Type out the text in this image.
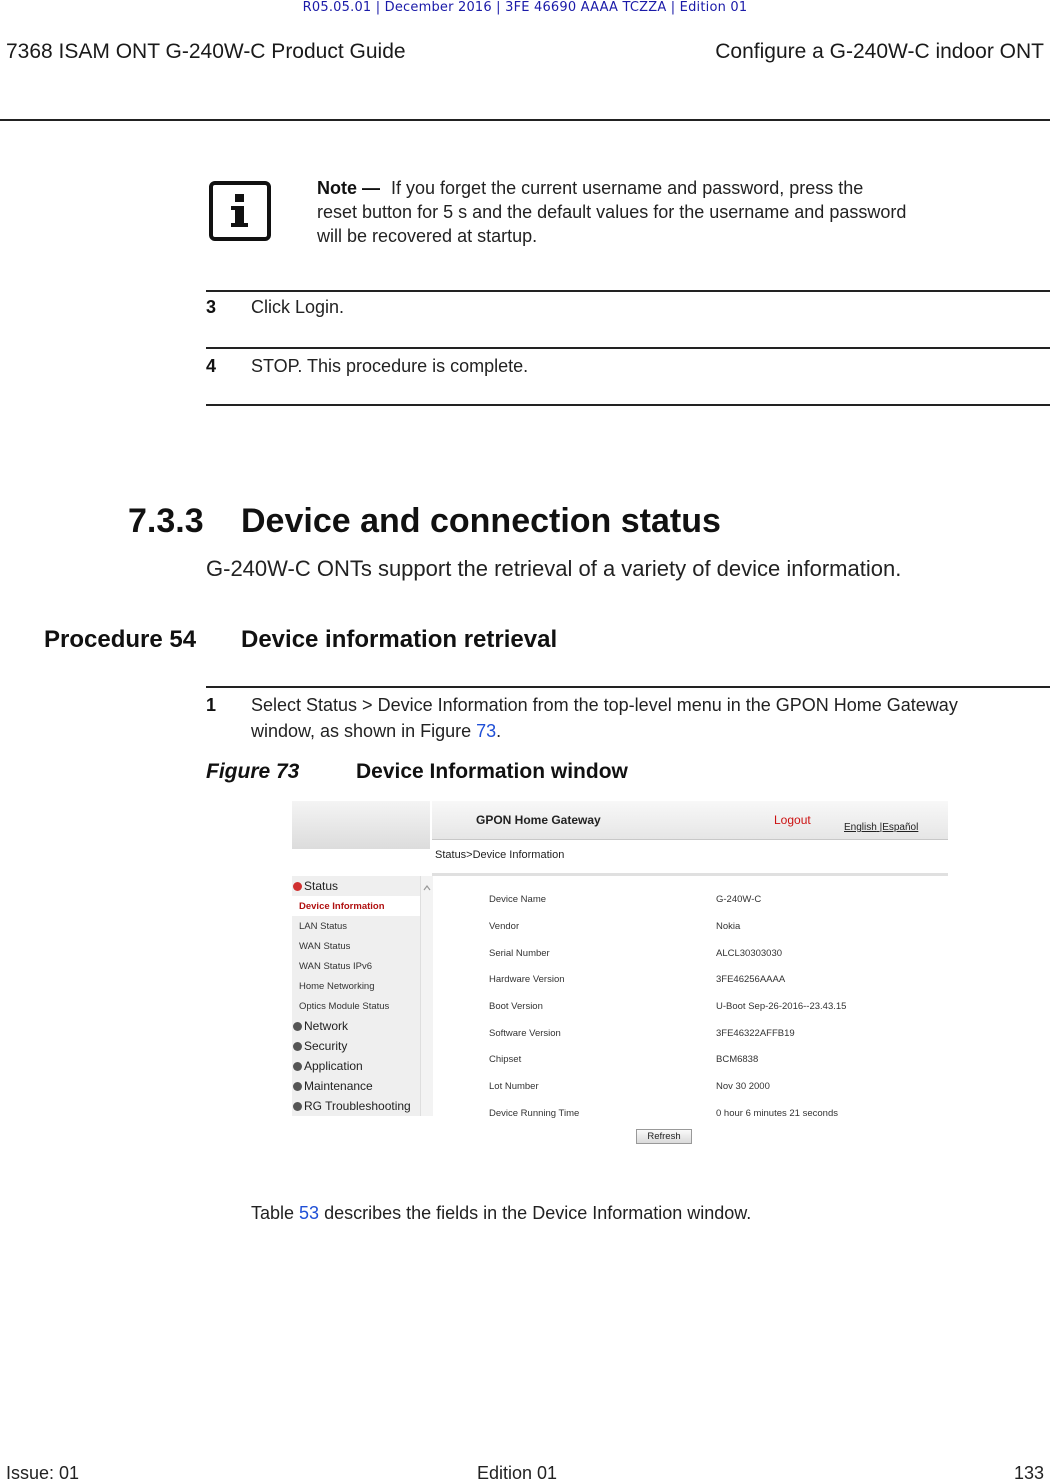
R05.05.01 | December 2016 | 3FE 46690 AAAA TCZZA | Edition 01
7368 ISAM ONT G-240W-C Product Guide	Configure a G-240W-C indoor ONT
Note — If you forget the current username and password, press the
reset button for 5 s and the default values for the username and password
will be recovered at startup.
3 Click Login.
4 STOP. This procedure is complete.
7.3.3 Device and connection status
G-240W-C ONTs support the retrieval of a variety of device information.
Procedure 54 Device information retrieval
1 Select Status > Device Information from the top-level menu in the GPON Home Gateway
window, as shown in Figure 73.
Figure 73	Device Information window
GPON Home Gateway	Logout
English |Español
Status>Device Information
Status
Device Information
LAN Status
WAN Status
WAN Status IPv6
Home Networking
Optics Module Status
Network
Security
Application
Maintenance
RG Troubleshooting
Device Name	G-240W-C
Vendor	Nokia
Serial Number	ALCL30303030
Hardware Version	3FE46256AAAA
Boot Version	U-Boot Sep-26-2016--23.43.15
Software Version	3FE46322AFFB19
Chipset	BCM6838
Lot Number	Nov 30 2000
Device Running Time	0 hour 6 minutes 21 seconds
Refresh
Table 53 describes the fields in the Device Information window.
Issue: 01	Edition 01	133
